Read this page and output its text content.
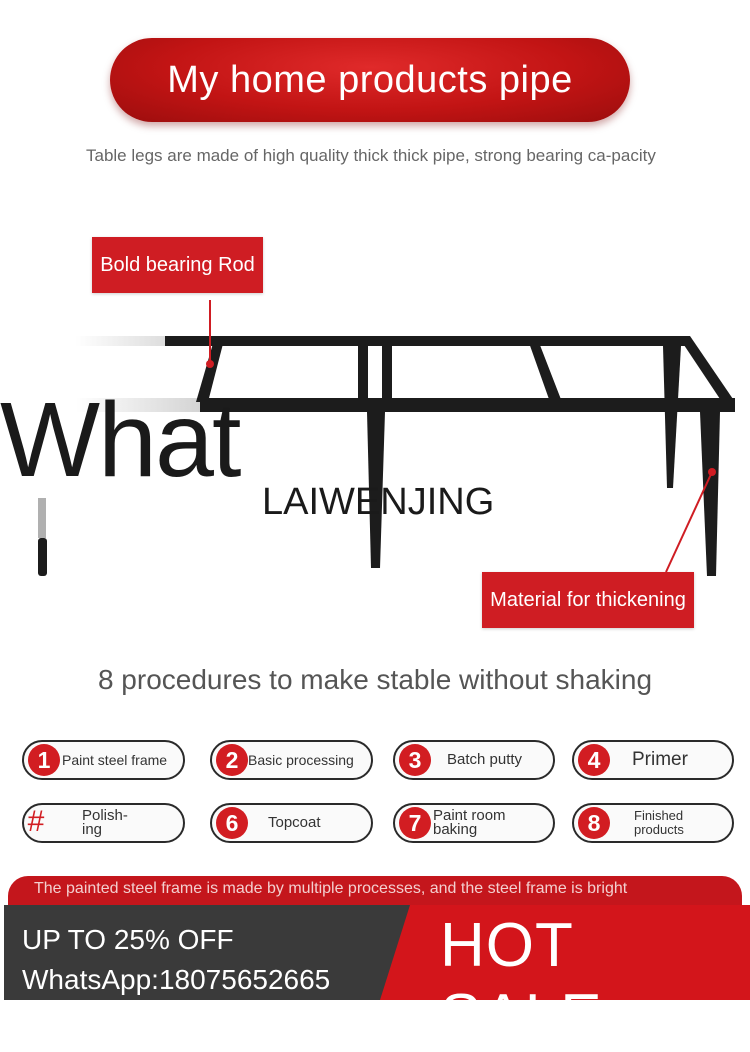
My home products pipe
Table legs are made of high quality thick thick pipe, strong bearing ca-pacity
Bold bearing Rod
Material for thickening
What
LAIWENJING
8 procedures to make stable without shaking
1 Paint steel frame	2 Basic processing	3	Batch putty	4	Primer
#	Polish-
ing	6	Topcoat	7 Paint room
baking	8	Finished
products
The painted steel frame is made by multiple processes, and the steel frame is bright
UP TO 25% OFF
WhatsApp:18075652665 HOT SALE
